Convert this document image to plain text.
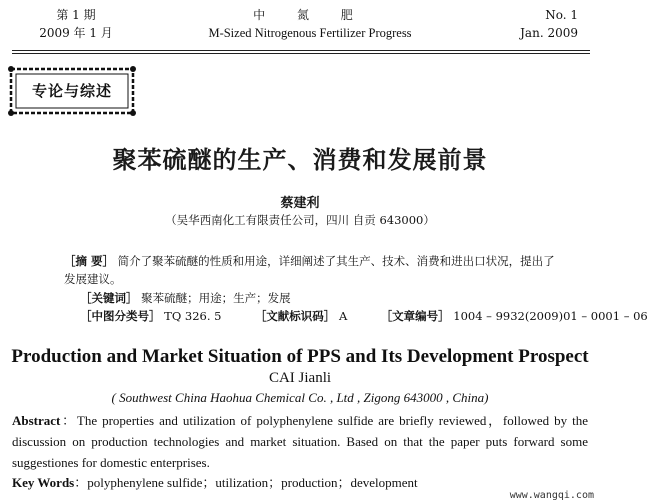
第 1 期
2009 年 1 月
中 氮 肥
M-Sized Nitrogenous Fertilizer Progress
No. 1
Jan. 2009
专论与综述
聚苯硫醚的生产、消费和发展前景
蔡建利
（吴华西南化工有限责任公司，四川 自贡 643000）
［摘 要］ 简介了聚苯硫醚的性质和用途，详细阐述了其生产、技术、消费和进出口状况，提出了发展建议。
［关键词］ 聚苯硫醚；用途；生产；发展
［中图分类号］ TQ 326. 5	［文献标识码］ A	［文章编号］ 1004 – 9932(2009)01 – 0001 – 06
Production and Market Situation of PPS and Its Development Prospect
CAI Jianli
( Southwest China Haohua Chemical Co. , Ltd , Zigong 643000 , China)
Abstract：The properties and utilization of polyphenylene sulfide are briefly reviewed，followed by the discussion on production technologies and market situation. Based on that the paper puts forward some suggestiones for domestic enterprises.
Key Words：polyphenylene sulfide；utilization；production；development
www.wangqi.com
